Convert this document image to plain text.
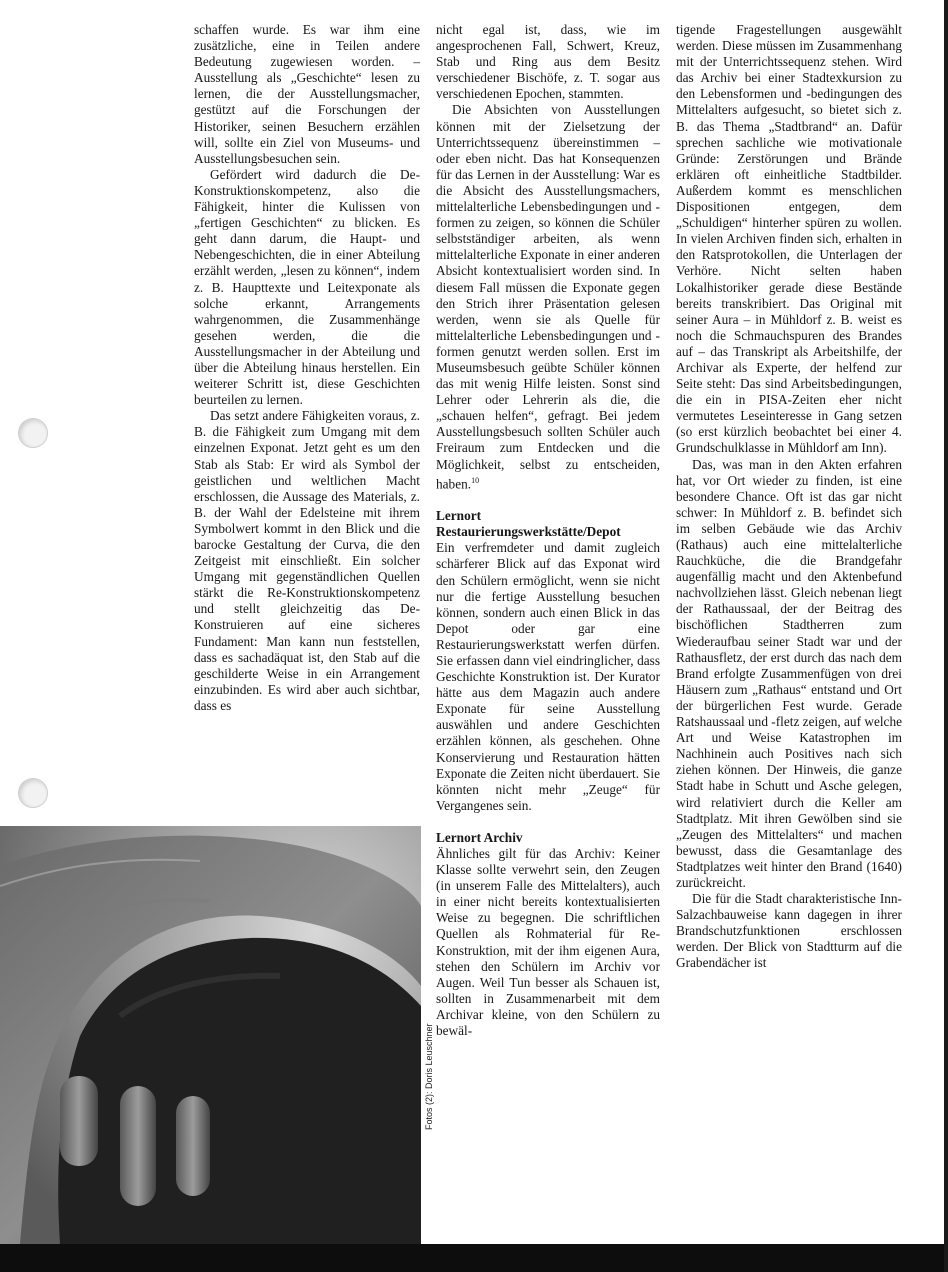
schaffen wurde. Es war ihm eine zusätzliche, eine in Teilen andere Bedeutung zugewiesen worden. – Ausstellung als „Geschichte“ lesen zu lernen, die der Ausstellungsmacher, gestützt auf die Forschungen der Historiker, seinen Besuchern erzählen will, sollte ein Ziel von Museums- und Ausstellungsbesuchen sein.

Gefördert wird dadurch die De-Konstruktionskompetenz, also die Fähigkeit, hinter die Kulissen von „fertigen Geschichten“ zu blicken. Es geht dann darum, die Haupt- und Nebengeschichten, die in einer Abteilung erzählt werden, „lesen zu können“, indem z. B. Haupttexte und Leitexponate als solche erkannt, Arrangements wahrgenommen, die Zusammenhänge gesehen werden, die die Ausstellungsmacher in der Abteilung und über die Abteilung hinaus herstellen. Ein weiterer Schritt ist, diese Geschichten beurteilen zu lernen.

Das setzt andere Fähigkeiten voraus, z. B. die Fähigkeit zum Umgang mit dem einzelnen Exponat. Jetzt geht es um den Stab als Stab: Er wird als Symbol der geistlichen und weltlichen Macht erschlossen, die Aussage des Materials, z. B. der Wahl der Edelsteine mit ihrem Symbolwert kommt in den Blick und die barocke Gestaltung der Curva, die den Zeitgeist mit einschließt. Ein solcher Umgang mit gegenständlichen Quellen stärkt die Re-Konstruktionskompetenz und stellt gleichzeitig das De-Konstruieren auf eine sicheres Fundament: Man kann nun feststellen, dass es sachadäquat ist, den Stab auf die geschilderte Weise in ein Arrangement einzubinden. Es wird aber auch sichtbar, dass es

nicht egal ist, dass, wie im angesprochenen Fall, Schwert, Kreuz, Stab und Ring aus dem Besitz verschiedener Bischöfe, z. T. sogar aus verschiedenen Epochen, stammten.

Die Absichten von Ausstellungen können mit der Zielsetzung der Unterrichtssequenz übereinstimmen – oder eben nicht. Das hat Konsequenzen für das Lernen in der Ausstellung: War es die Absicht des Ausstellungsmachers, mittelalterliche Lebensbedingungen und -formen zu zeigen, so können die Schüler selbstständiger arbeiten, als wenn mittelalterliche Exponate in einer anderen Absicht kontextualisiert worden sind. In diesem Fall müssen die Exponate gegen den Strich ihrer Präsentation gelesen werden, wenn sie als Quelle für mittelalterliche Lebensbedingungen und -formen genutzt werden sollen. Erst im Museumsbesuch geübte Schüler können das mit wenig Hilfe leisten. Sonst sind Lehrer oder Lehrerin als die, die „schauen helfen“, gefragt. Bei jedem Ausstellungsbesuch sollten Schüler auch Freiraum zum Entdecken und die Möglichkeit, selbst zu entscheiden, haben.$^{10}$

Lernort Restaurierungswerkstätte/Depot

Ein verfremdeter und damit zugleich schärferer Blick auf das Exponat wird den Schülern ermöglicht, wenn sie nicht nur die fertige Ausstellung besuchen können, sondern auch einen Blick in das Depot oder gar eine Restaurierungswerkstatt werfen dürfen. Sie erfassen dann viel eindringlicher, dass Geschichte Konstruktion ist. Der Kurator hätte aus dem Magazin auch andere Exponate für seine Ausstellung auswählen und andere Geschichten erzählen können, als geschehen. Ohne Konservierung und Restauration hätten Exponate die Zeiten nicht überdauert. Sie könnten nicht mehr „Zeuge“ für Vergangenes sein.

Lernort Archiv

Ähnliches gilt für das Archiv: Keiner Klasse sollte verwehrt sein, den Zeugen (in unserem Falle des Mittelalters), auch in einer nicht bereits kontextualisierten Weise zu begegnen. Die schriftlichen Quellen als Rohmaterial für Re-Konstruktion, mit der ihm eigenen Aura, stehen den Schülern im Archiv vor Augen. Weil Tun besser als Schauen ist, sollten in Zusammenarbeit mit dem Archivar kleine, von den Schülern zu bewäl-

tigende Fragestellungen ausgewählt werden. Diese müssen im Zusammenhang mit der Unterrichtssequenz stehen. Wird das Archiv bei einer Stadtexkursion zu den Lebensformen und -bedingungen des Mittelalters aufgesucht, so bietet sich z. B. das Thema „Stadtbrand“ an. Dafür sprechen sachliche wie motivationale Gründe: Zerstörungen und Brände erklären oft einheitliche Stadtbilder. Außerdem kommt es menschlichen Dispositionen entgegen, dem „Schuldigen“ hinterher spüren zu wollen. In vielen Archiven finden sich, erhalten in den Ratsprotokollen, die Unterlagen der Verhöre. Nicht selten haben Lokalhistoriker gerade diese Bestände bereits transkribiert. Das Original mit seiner Aura – in Mühldorf z. B. weist es noch die Schmauchspuren des Brandes auf – das Transkript als Arbeitshilfe, der Archivar als Experte, der helfend zur Seite steht: Das sind Arbeitsbedingungen, die ein in PISA-Zeiten eher nicht vermutetes Leseinteresse in Gang setzen (so erst kürzlich beobachtet bei einer 4. Grundschulklasse in Mühldorf am Inn).

Das, was man in den Akten erfahren hat, vor Ort wieder zu finden, ist eine besondere Chance. Oft ist das gar nicht schwer: In Mühldorf z. B. befindet sich im selben Gebäude wie das Archiv (Rathaus) auch eine mittelalterliche Rauchküche, die die Brandgefahr augenfällig macht und den Aktenbefund nachvollziehen lässt. Gleich nebenan liegt der Rathaussaal, der der Beitrag des bischöflichen Stadtherren zum Wiederaufbau seiner Stadt war und der Rathausfletz, der erst durch das nach dem Brand erfolgte Zusammenfügen von drei Häusern zum „Rathaus“ entstand und Ort der bürgerlichen Fest wurde. Gerade Ratshaussaal und -fletz zeigen, auf welche Art und Weise Katastrophen im Nachhinein auch Positives nach sich ziehen können. Der Hinweis, die ganze Stadt habe in Schutt und Asche gelegen, wird relativiert durch die Keller am Stadtplatz. Mit ihren Gewölben sind sie „Zeugen des Mittelalters“ und machen bewusst, dass die Gesamtanlage des Stadtplatzes weit hinter den Brand (1640) zurückreicht.

Die für die Stadt charakteristische Inn-Salzachbauweise kann dagegen in ihrer Brandschutzfunktionen erschlossen werden. Der Blick von Stadtturm auf die Grabendächer ist

Fotos (2): Doris Leuschner
